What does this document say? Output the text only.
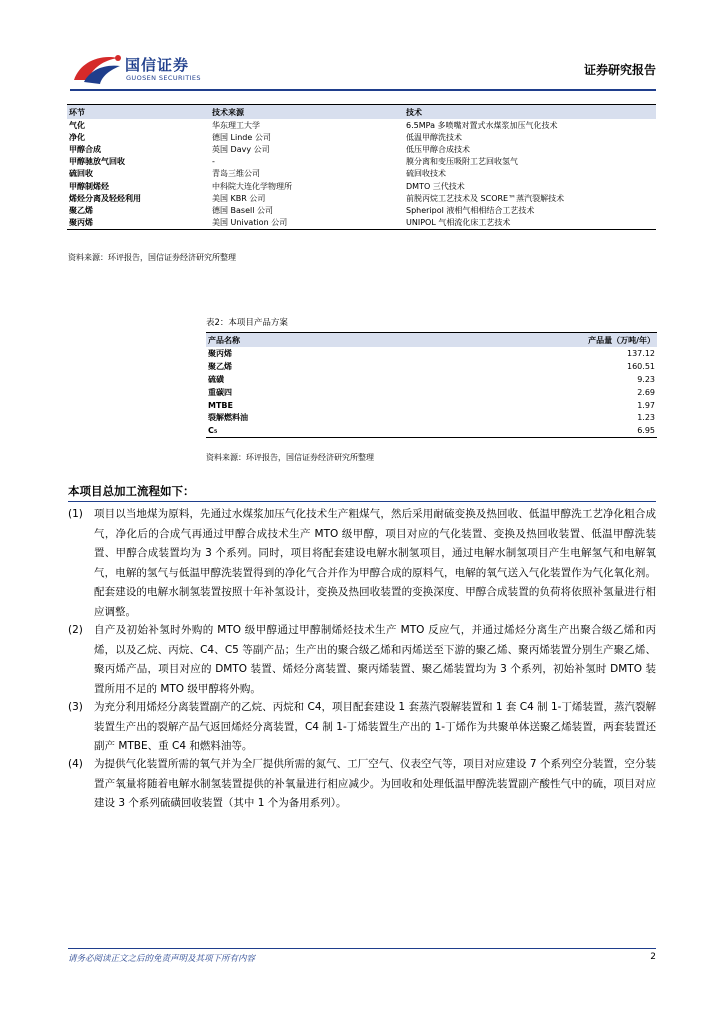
国信证券
GUOSEN SECURITIES
证券研究报告
环节	技术来源	技术
气化	华东理工大学	6.5MPa 多喷嘴对置式水煤浆加压气化技术
净化	德国 Linde 公司	低温甲醇洗技术
甲醇合成	英国 Davy 公司	低压甲醇合成技术
甲醇驰放气回收	-	膜分离和变压吸附工艺回收氢气
硫回收	青岛三维公司	硫回收技术
甲醇制烯烃	中科院大连化学物理所	DMTO 三代技术
烯烃分离及轻烃利用	美国 KBR 公司	前脱丙烷工艺技术及 SCORE™蒸汽裂解技术
聚乙烯	德国 Basell 公司	Spheripol 液相气相相结合工艺技术
聚丙烯	美国 Univation 公司	UNIPOL 气相流化床工艺技术
资料来源：环评报告，国信证券经济研究所整理
表2：本项目产品方案
产品名称	产品量（万吨/年）
聚丙烯	137.12
聚乙烯	160.51
硫磺	9.23
重碳四	2.69
MTBE	1.97
裂解燃料油	1.23
C₅	6.95
资料来源：环评报告，国信证券经济研究所整理
本项目总加工流程如下：
(1) 项目以当地煤为原料，先通过水煤浆加压气化技术生产粗煤气，然后采用耐硫变换及热回收、低温甲醇洗工艺净化粗合成气，净化后的合成气再通过甲醇合成技术生产 MTO 级甲醇，项目对应的气化装置、变换及热回收装置、低温甲醇洗装置、甲醇合成装置均为 3 个系列。同时，项目将配套建设电解水制氢项目，通过电解水制氢项目产生电解氢气和电解氧气，电解的氢气与低温甲醇洗装置得到的净化气合并作为甲醇合成的原料气，电解的氧气送入气化装置作为气化氧化剂。配套建设的电解水制氢装置按照十年补氢设计，变换及热回收装置的变换深度、甲醇合成装置的负荷将依照补氢量进行相应调整。
(2) 自产及初始补氢时外购的 MTO 级甲醇通过甲醇制烯烃技术生产 MTO 反应气，并通过烯烃分离生产出聚合级乙烯和丙烯，以及乙烷、丙烷、C4、C5 等副产品；生产出的聚合级乙烯和丙烯送至下游的聚乙烯、聚丙烯装置分别生产聚乙烯、聚丙烯产品，项目对应的 DMTO 装置、烯烃分离装置、聚丙烯装置、聚乙烯装置均为 3 个系列，初始补氢时 DMTO 装置所用不足的 MTO 级甲醇将外购。
(3) 为充分利用烯烃分离装置副产的乙烷、丙烷和 C4，项目配套建设 1 套蒸汽裂解装置和 1 套 C4 制 1-丁烯装置，蒸汽裂解装置生产出的裂解产品气返回烯烃分离装置，C4 制 1-丁烯装置生产出的 1-丁烯作为共聚单体送聚乙烯装置，两套装置还副产 MTBE、重 C4 和燃料油等。
(4) 为提供气化装置所需的氧气并为全厂提供所需的氮气、工厂空气、仪表空气等，项目对应建设 7 个系列空分装置，空分装置产氧量将随着电解水制氢装置提供的补氧量进行相应减少。为回收和处理低温甲醇洗装置副产酸性气中的硫，项目对应建设 3 个系列硫磺回收装置（其中 1 个为备用系列）。
请务必阅读正文之后的免责声明及其项下所有内容	2
